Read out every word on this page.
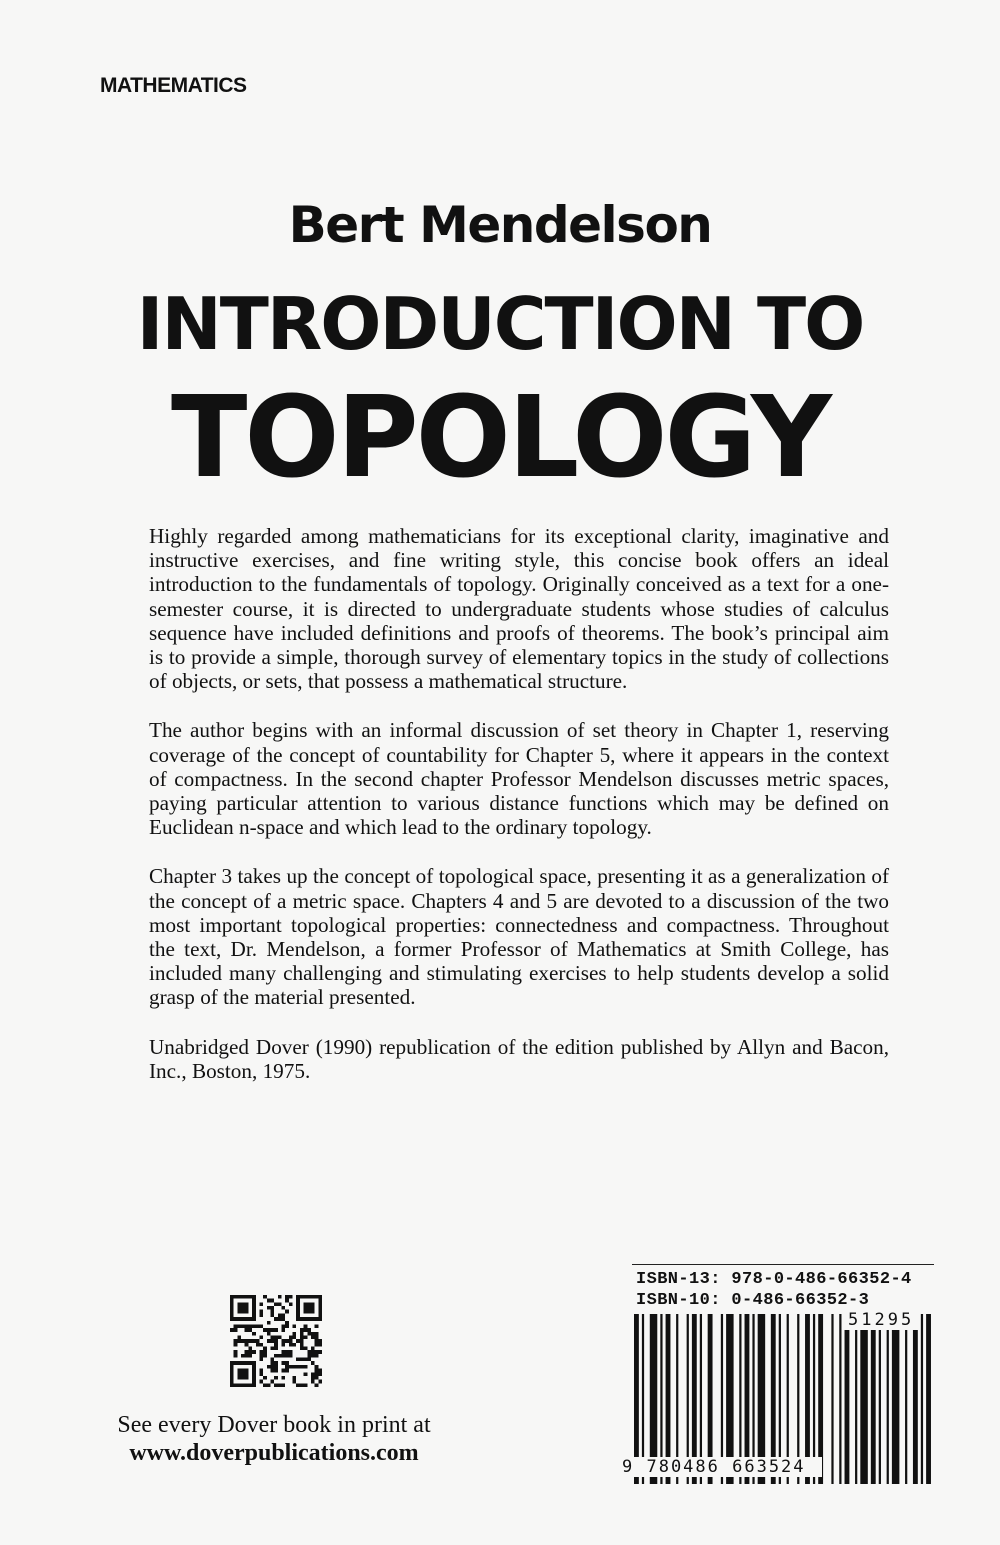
MATHEMATICS
Bert Mendelson
INTRODUCTION TO
TOPOLOGY

Highly regarded among mathematicians for its exceptional clarity, imaginative and instructive exercises, and fine writing style, this concise book offers an ideal introduction to the fundamentals of topology. Originally conceived as a text for a one-semester course, it is directed to undergraduate students whose studies of calculus sequence have included definitions and proofs of theorems. The book’s principal aim is to provide a simple, thorough survey of elementary topics in the study of collections of objects, or sets, that possess a mathematical structure.

The author begins with an informal discussion of set theory in Chapter 1, reserving coverage of the concept of countability for Chapter 5, where it appears in the context of compactness. In the second chapter Professor Mendelson discusses metric spaces, paying particular attention to various distance functions which may be defined on Euclidean n-space and which lead to the ordinary topology.

Chapter 3 takes up the concept of topological space, presenting it as a generalization of the concept of a metric space. Chapters 4 and 5 are devoted to a discussion of the two most important topological properties: connectedness and compactness. Throughout the text, Dr. Mendelson, a former Professor of Mathematics at Smith College, has included many challenging and stimulating exercises to help students develop a solid grasp of the material presented.

Unabridged Dover (1990) republication of the edition published by Allyn and Bacon, Inc., Boston, 1975.

See every Dover book in print at
www.doverpublications.com
ISBN-13: 978-0-486-66352-4
ISBN-10: 0-486-66352-3
51295
9 780486 663524
